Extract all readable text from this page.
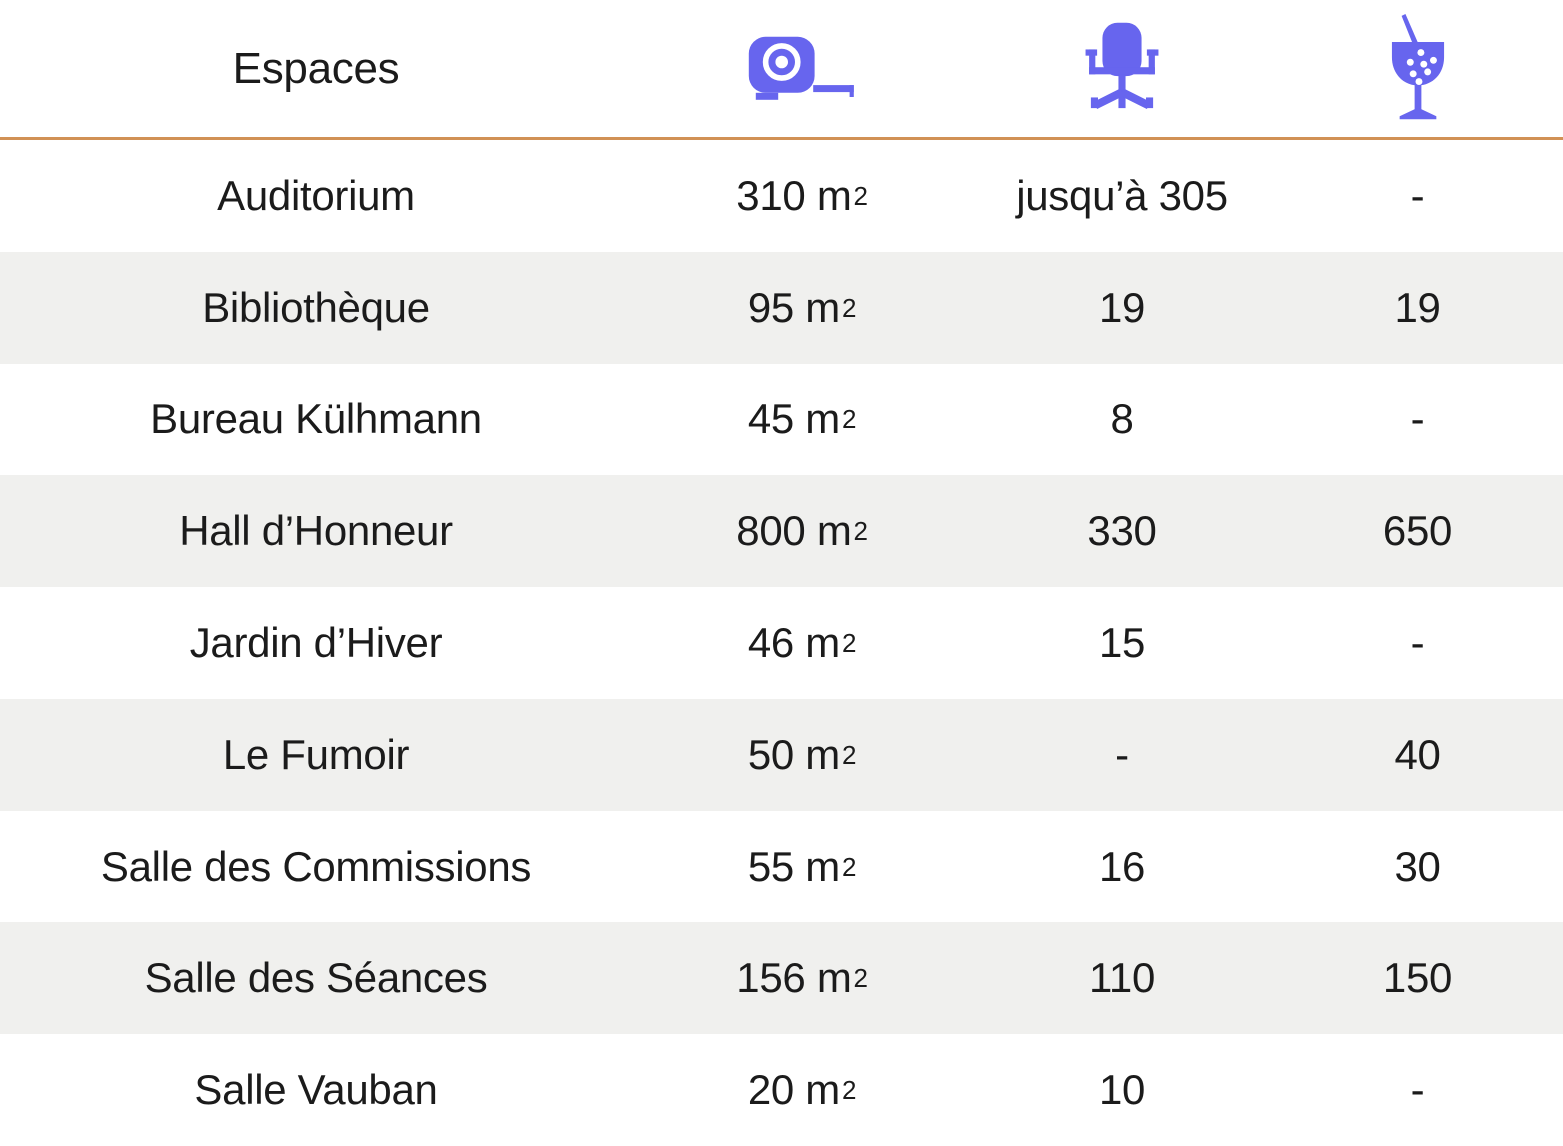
Espaces
Auditorium	310 m 2	jusqu’à 305	-
Bibliothèque	95 m 2	19	19
Bureau Külhmann	45 m 2	8	-
Hall d’Honneur	800 m 2	330	650
Jardin d’Hiver	46 m 2	15	-
Le Fumoir	50 m 2	-	40
Salle des Commissions	55 m 2	16	30
Salle des Séances	156 m 2	110	150
Salle Vauban	20 m 2	10	-
